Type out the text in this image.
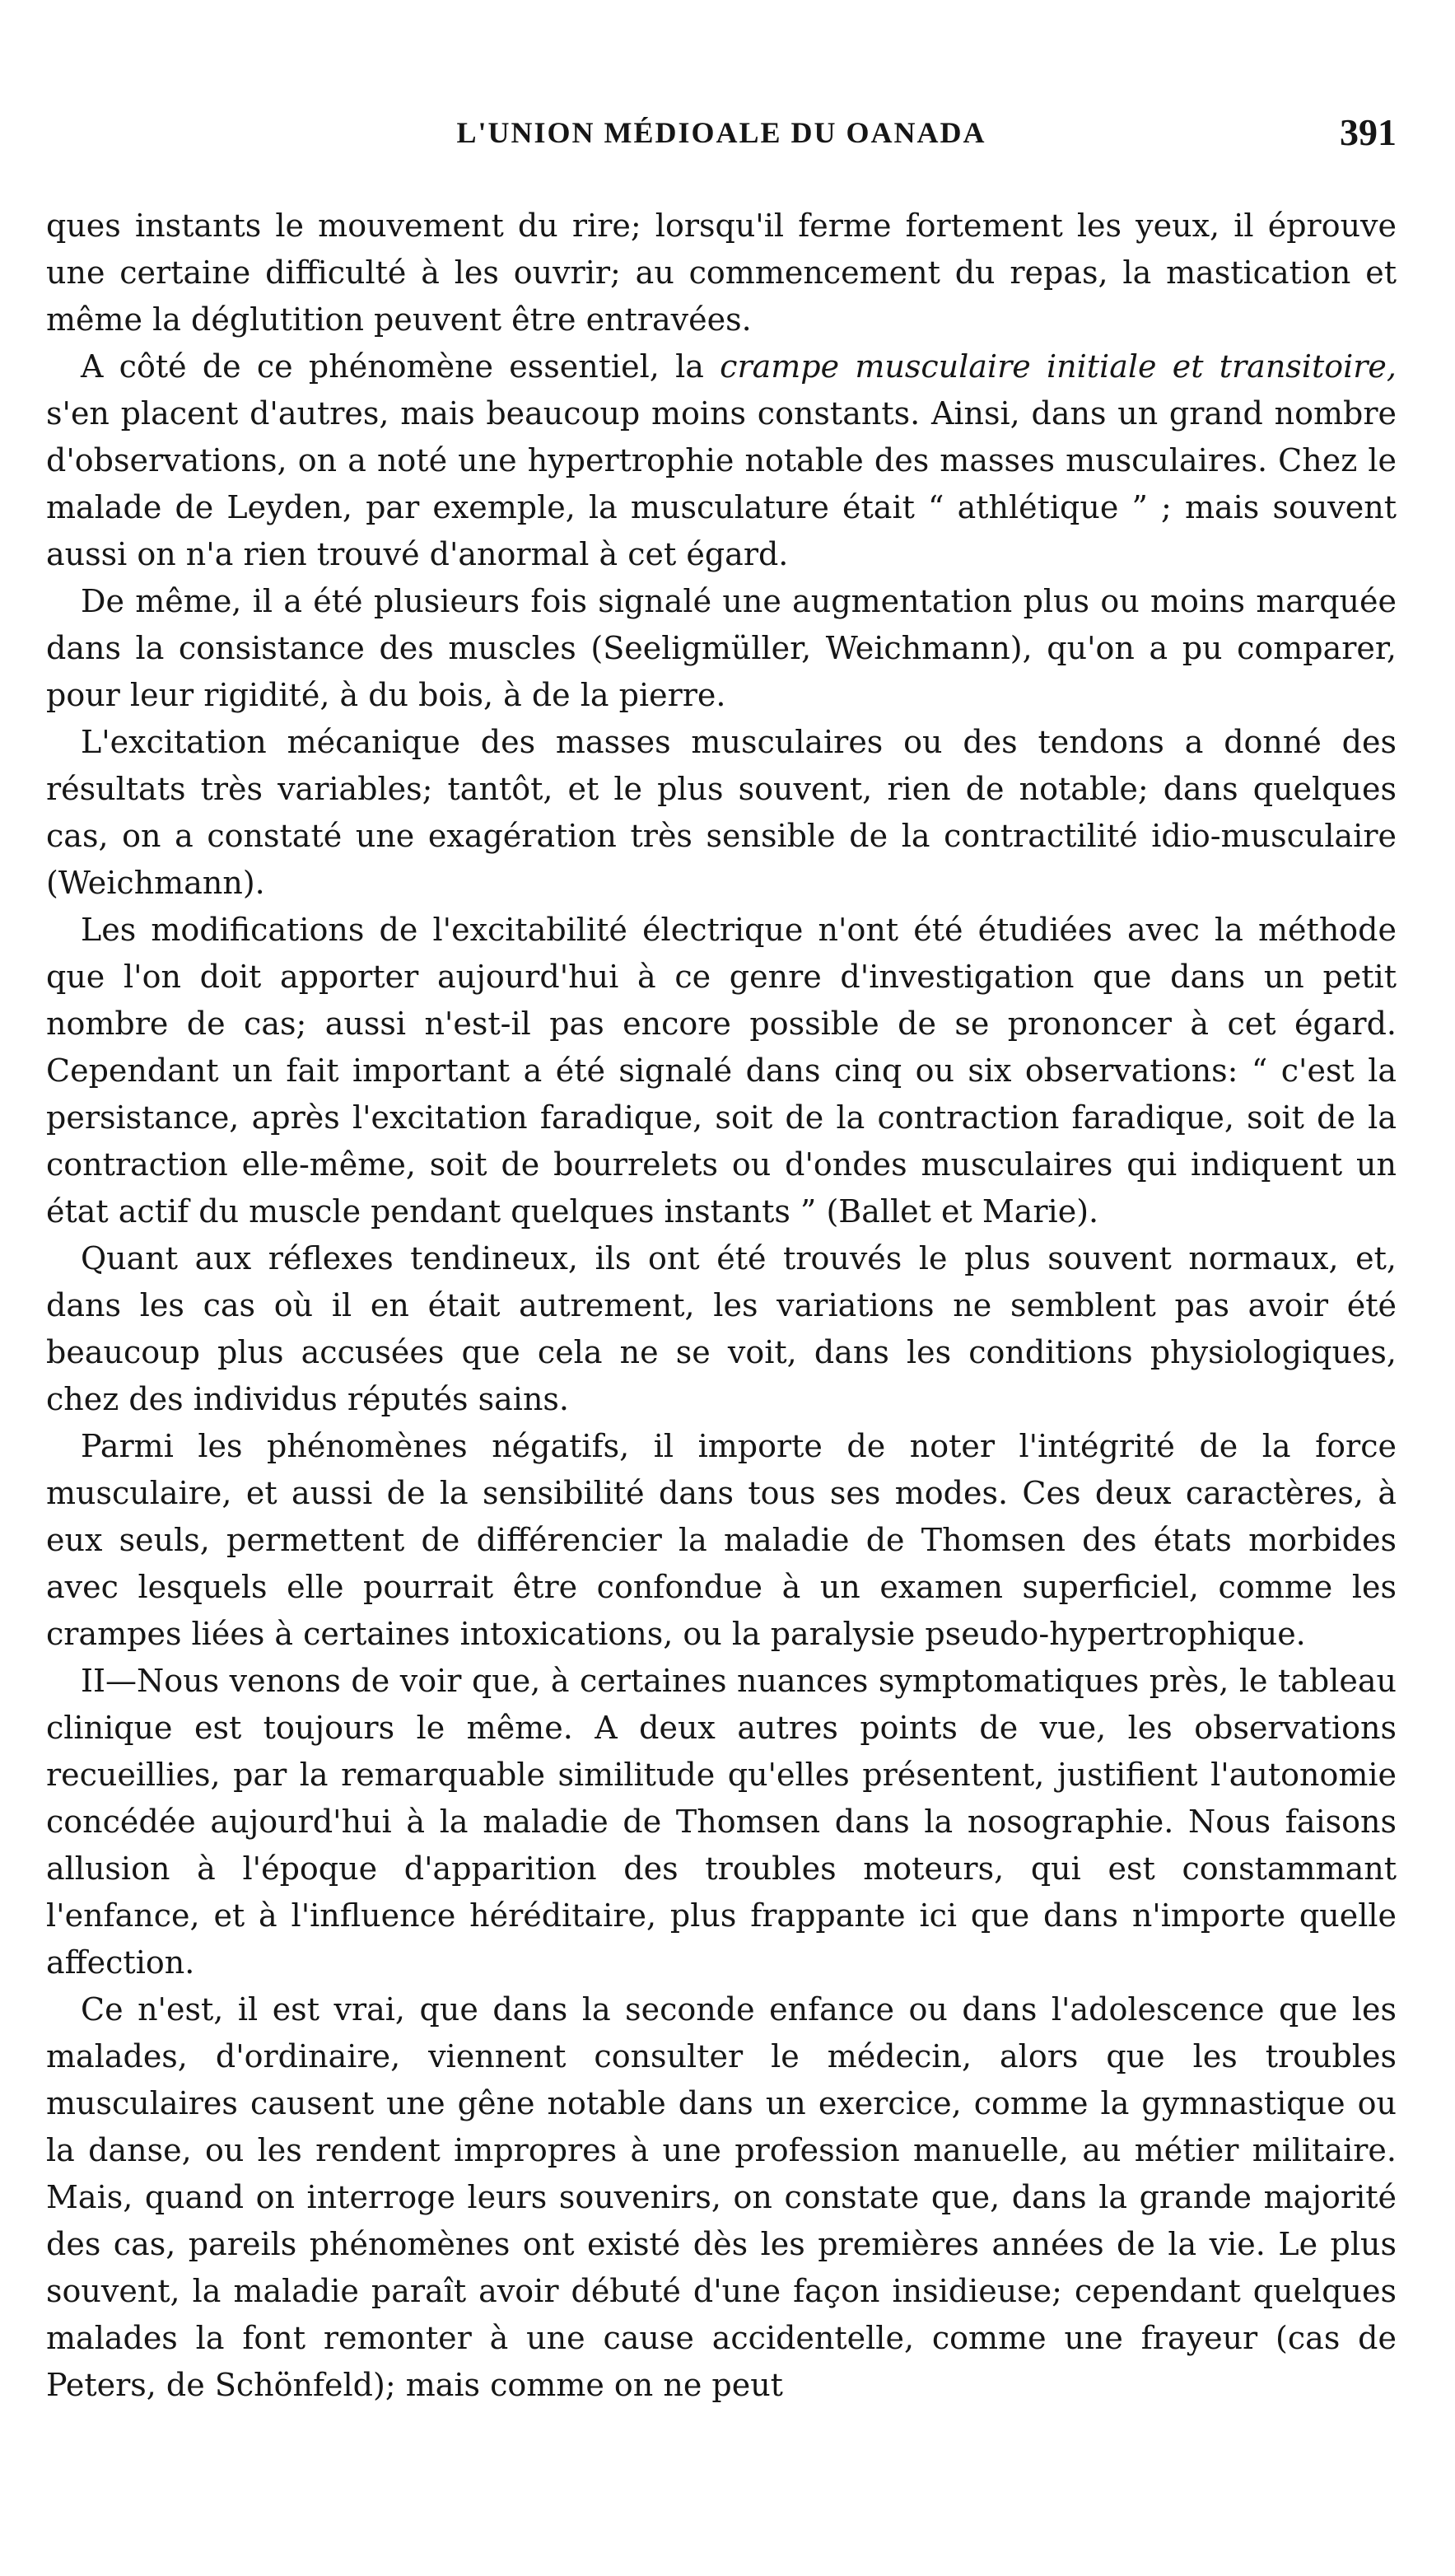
L'UNION MÉDIOALE DU OANADA	391

ques instants le mouvement du rire; lorsqu'il ferme fortement les yeux, il éprouve une certaine difficulté à les ouvrir; au commencement du repas, la mastication et même la déglutition peuvent être entravées.

A côté de ce phénomène essentiel, la crampe musculaire initiale et transitoire, s'en placent d'autres, mais beaucoup moins constants. Ainsi, dans un grand nombre d'observations, on a noté une hypertrophie notable des masses musculaires. Chez le malade de Leyden, par exemple, la musculature était “ athlétique ” ; mais souvent aussi on n'a rien trouvé d'anormal à cet égard.

De même, il a été plusieurs fois signalé une augmentation plus ou moins marquée dans la consistance des muscles (Seeligmüller, Weichmann), qu'on a pu comparer, pour leur rigidité, à du bois, à de la pierre.

L'excitation mécanique des masses musculaires ou des tendons a donné des résultats très variables; tantôt, et le plus souvent, rien de notable; dans quelques cas, on a constaté une exagération très sensible de la contractilité idio-musculaire (Weichmann).

Les modifications de l'excitabilité électrique n'ont été étudiées avec la méthode que l'on doit apporter aujourd'hui à ce genre d'investigation que dans un petit nombre de cas; aussi n'est-il pas encore possible de se prononcer à cet égard. Cependant un fait important a été signalé dans cinq ou six observations: “ c'est la persistance, après l'excitation faradique, soit de la contraction faradique, soit de la contraction elle-même, soit de bourrelets ou d'ondes musculaires qui indiquent un état actif du muscle pendant quelques instants ” (Ballet et Marie).

Quant aux réflexes tendineux, ils ont été trouvés le plus souvent normaux, et, dans les cas où il en était autrement, les variations ne semblent pas avoir été beaucoup plus accusées que cela ne se voit, dans les conditions physiologiques, chez des individus réputés sains.

Parmi les phénomènes négatifs, il importe de noter l'intégrité de la force musculaire, et aussi de la sensibilité dans tous ses modes. Ces deux caractères, à eux seuls, permettent de différencier la maladie de Thomsen des états morbides avec lesquels elle pourrait être confondue à un examen superficiel, comme les crampes liées à certaines intoxications, ou la paralysie pseudo-hypertrophique.

II—Nous venons de voir que, à certaines nuances symptomatiques près, le tableau clinique est toujours le même. A deux autres points de vue, les observations recueillies, par la remarquable similitude qu'elles présentent, justifient l'autonomie concédée aujourd'hui à la maladie de Thomsen dans la nosographie. Nous faisons allusion à l'époque d'apparition des troubles moteurs, qui est constammant l'enfance, et à l'influence héréditaire, plus frappante ici que dans n'importe quelle affection.

Ce n'est, il est vrai, que dans la seconde enfance ou dans l'adolescence que les malades, d'ordinaire, viennent consulter le médecin, alors que les troubles musculaires causent une gêne notable dans un exercice, comme la gymnastique ou la danse, ou les rendent impropres à une profession manuelle, au métier militaire. Mais, quand on interroge leurs souvenirs, on constate que, dans la grande majorité des cas, pareils phénomènes ont existé dès les premières années de la vie. Le plus souvent, la maladie paraît avoir débuté d'une façon insidieuse; cependant quelques malades la font remonter à une cause accidentelle, comme une frayeur (cas de Peters, de Schönfeld); mais comme on ne peut
